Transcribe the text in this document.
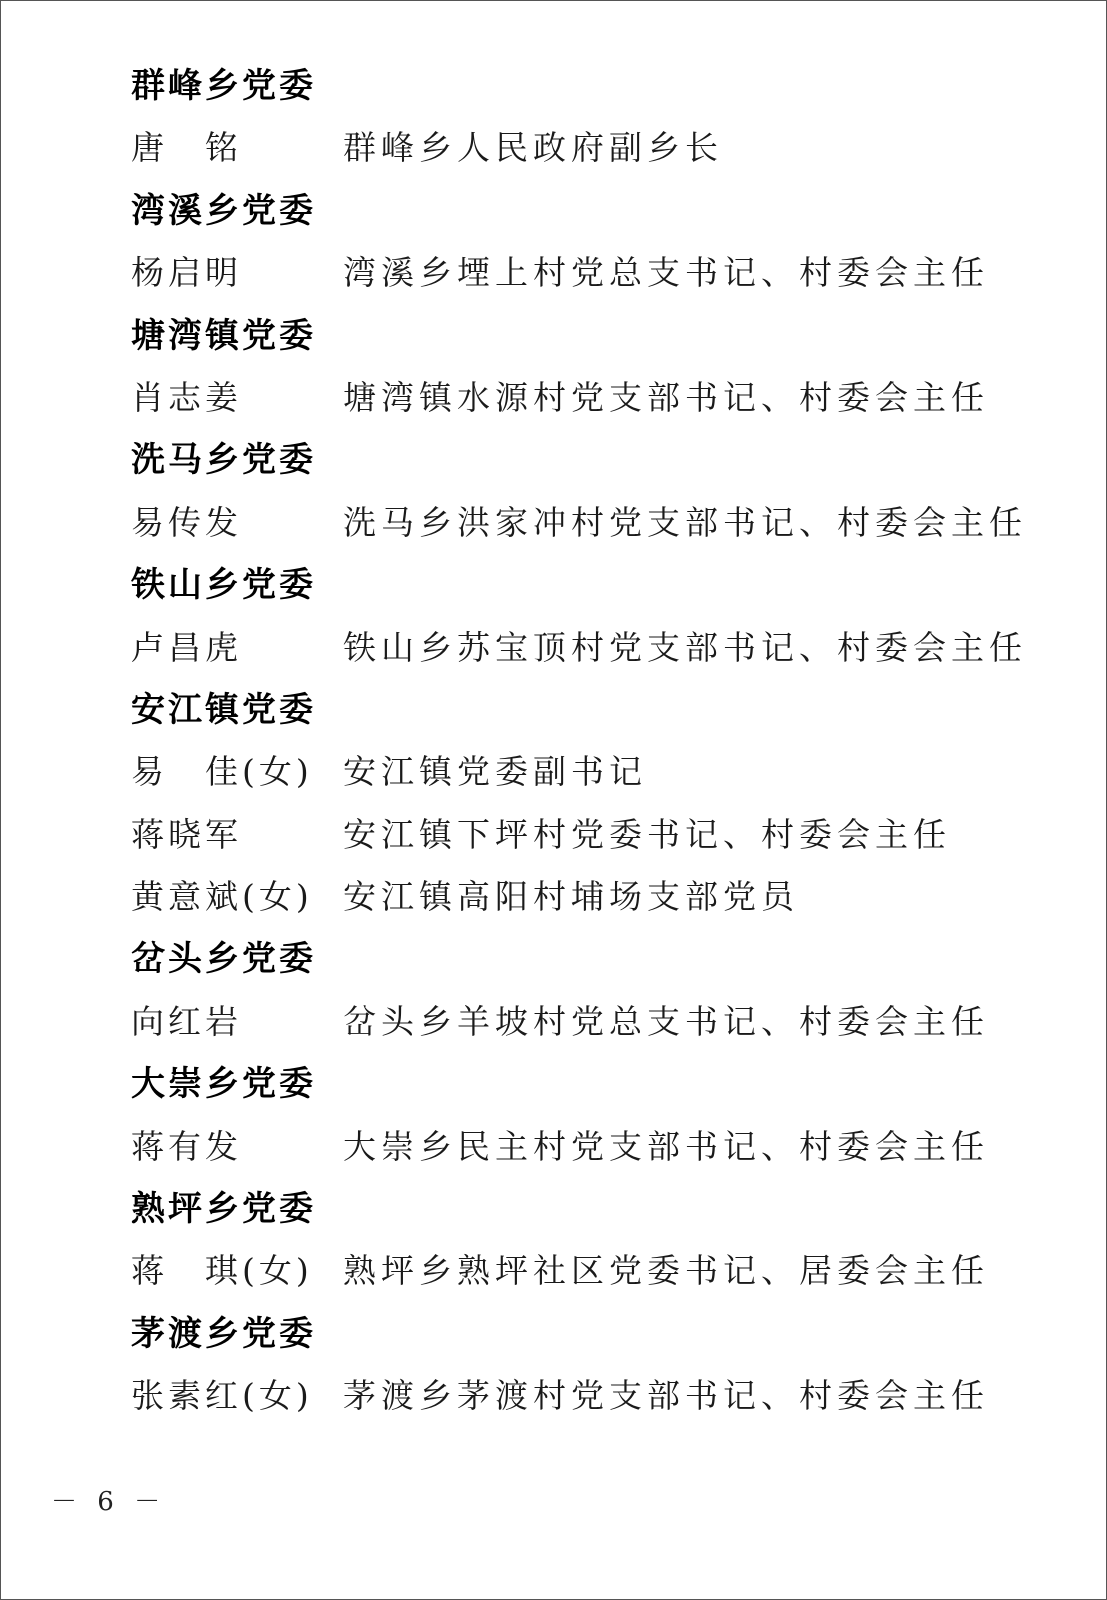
群峰乡党委
唐　铭	群峰乡人民政府副乡长
湾溪乡党委
杨启明	湾溪乡堙上村党总支书记、村委会主任
塘湾镇党委
肖志姜	塘湾镇水源村党支部书记、村委会主任
洗马乡党委
易传发	洗马乡洪家冲村党支部书记、村委会主任
铁山乡党委
卢昌虎	铁山乡苏宝顶村党支部书记、村委会主任
安江镇党委
易　佳(女) 安江镇党委副书记
蒋晓军	安江镇下坪村党委书记、村委会主任
黄意斌(女) 安江镇高阳村埔场支部党员
岔头乡党委
向红岩	岔头乡羊坡村党总支书记、村委会主任
大崇乡党委
蒋有发	大崇乡民主村党支部书记、村委会主任
熟坪乡党委
蒋　琪(女) 熟坪乡熟坪社区党委书记、居委会主任
茅渡乡党委
张素红(女) 茅渡乡茅渡村党支部书记、村委会主任
－ 6 －
